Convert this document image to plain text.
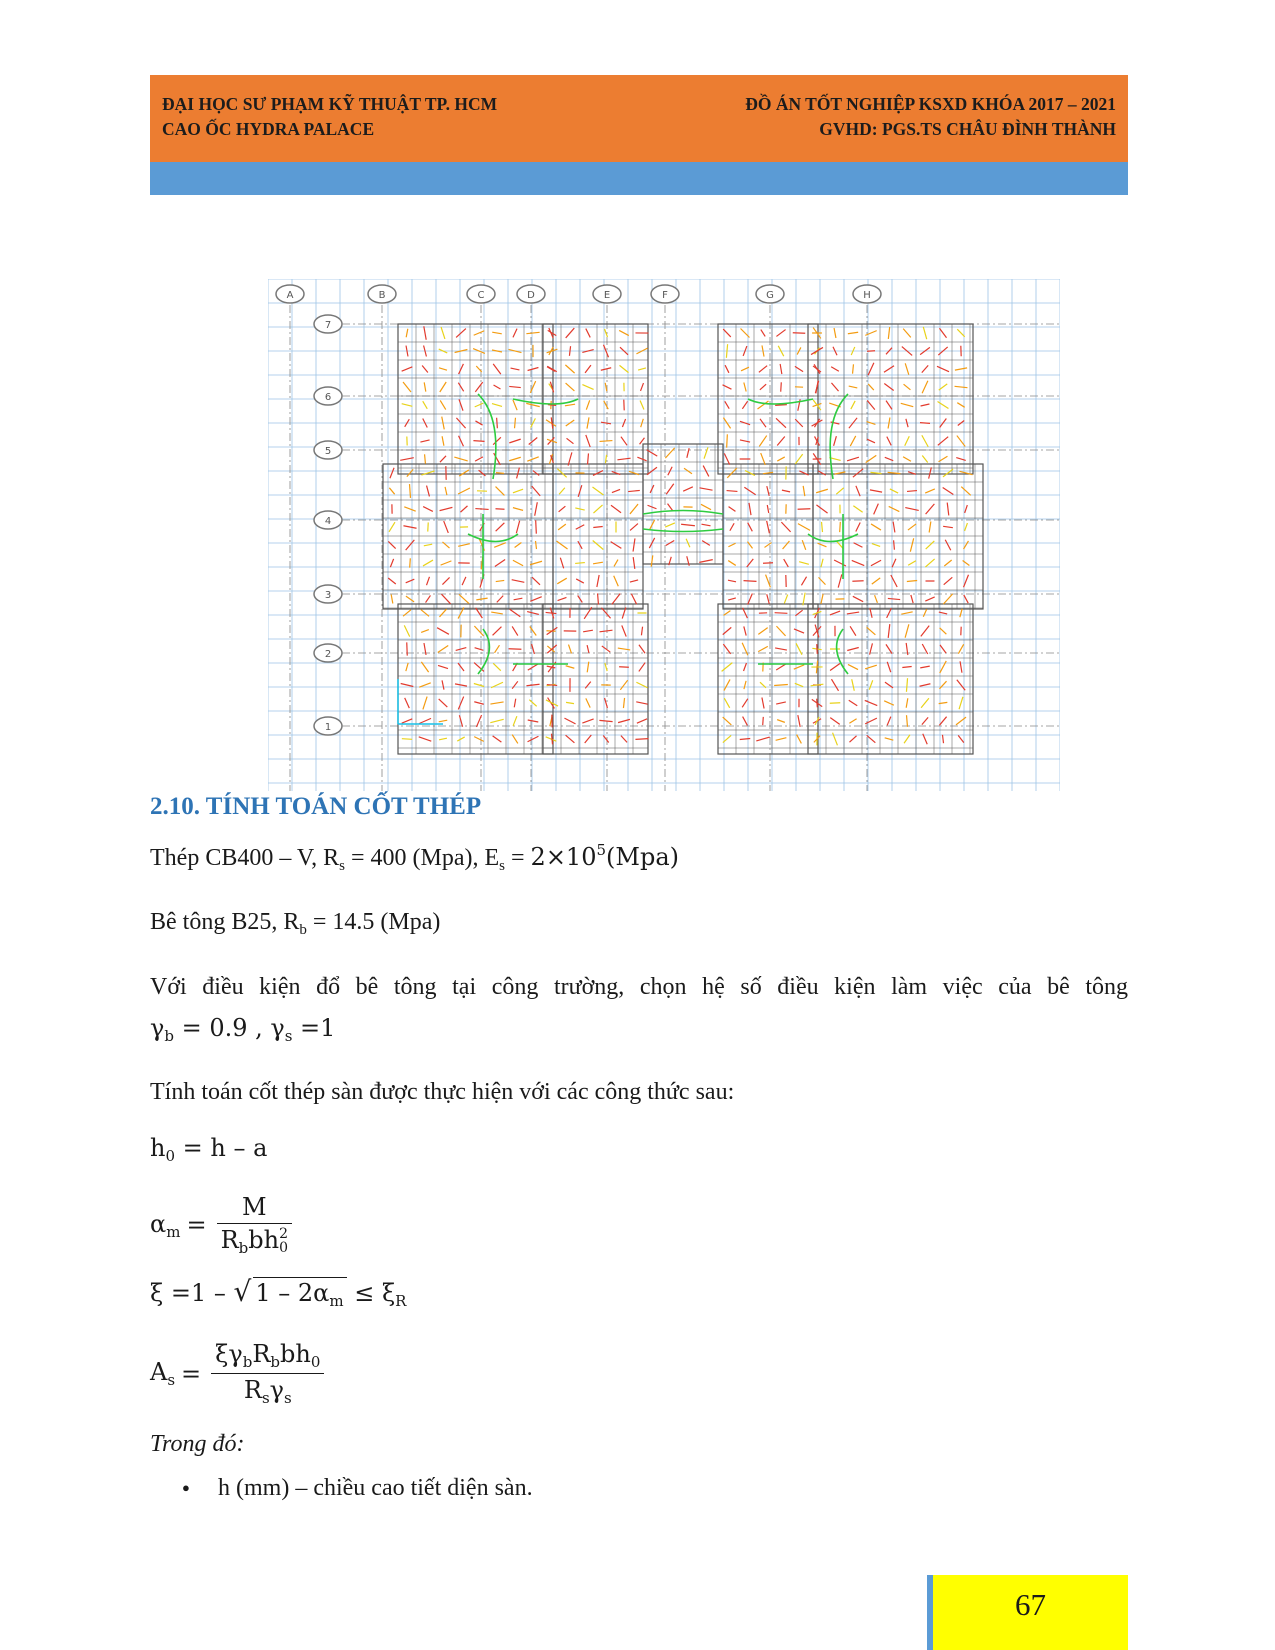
ĐẠI HỌC SƯ PHẠM KỸ THUẬT TP. HCM
CAO ỐC HYDRA PALACE
ĐỒ ÁN TỐT NGHIỆP KSXD KHÓA 2017 – 2021
GVHD: PGS.TS CHÂU ĐÌNH THÀNH
A	B	C	D	E	F	G	H
7
6
5
4
3
2
1
2.10. TÍNH TOÁN CỐT THÉP
Thép CB400 – V, $R_s = 400$ (Mpa), $E_s = 2\times 10^5(Mpa)$
Bê tông B25, $R_b = 14.5$ (Mpa)
Với điều kiện đổ bê tông tại công trường, chọn hệ số điều kiện làm việc của bê tông
$\gamma_b = 0.9$ , $\gamma_s =1$
Tính toán cốt thép sàn được thực hiện với các công thức sau:
$h_0 = h - a$
$\alpha_m = M$
$R_bbh$ 2
0
ξ =1 – √ $1 - 2\alpha_m \le \xi_R$
$A_s = \frac{\xi\gamma_bR_bbh_0}{R_s\gamma_s}$
Trong đó:
● h (mm) – chiều cao tiết diện sàn.
67
